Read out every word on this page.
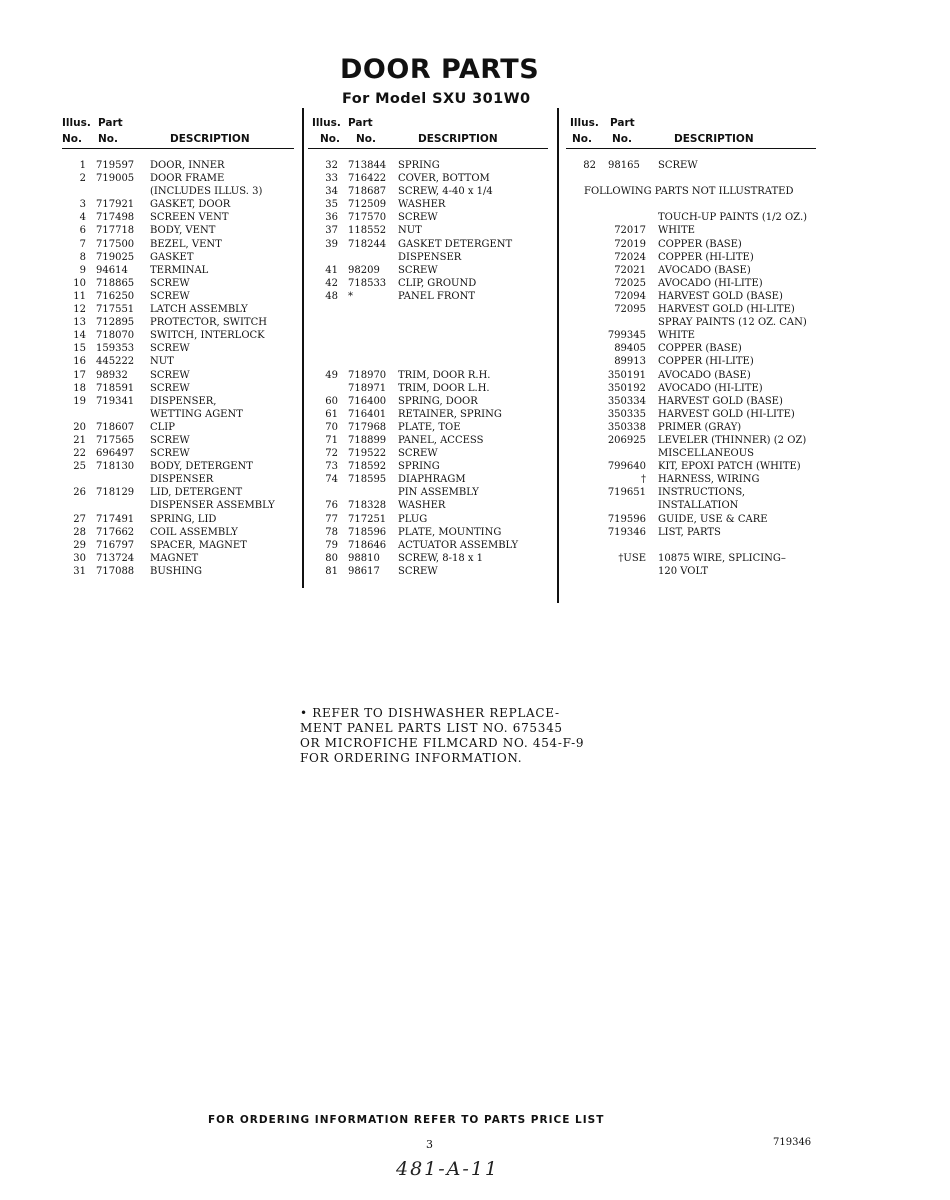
DOOR PARTS
For Model SXU 301W0
Illus. Part
No. No.	DESCRIPTION
1 719597 DOOR, INNER
2 719005 DOOR FRAME
(INCLUDES ILLUS. 3)
3 717921 GASKET, DOOR
4 717498 SCREEN VENT
6 717718 BODY, VENT
7 717500 BEZEL, VENT
8 719025 GASKET
9 94614 TERMINAL
10 718865 SCREW
11 716250 SCREW
12 717551 LATCH ASSEMBLY
13 712895 PROTECTOR, SWITCH
14 718070 SWITCH, INTERLOCK
15 159353 SCREW
16 445222 NUT
17 98932 SCREW
18 718591 SCREW
19 719341 DISPENSER,
WETTING AGENT
20 718607 CLIP
21 717565 SCREW
22 696497 SCREW
25 718130 BODY, DETERGENT
DISPENSER
26 718129 LID, DETERGENT
DISPENSER ASSEMBLY
27 717491 SPRING, LID
28 717662 COIL ASSEMBLY
29 716797 SPACER, MAGNET
30 713724 MAGNET
31 717088 BUSHING
Illus. Part
No. No.	DESCRIPTION
32 713844 SPRING
33 716422 COVER, BOTTOM
34 718687 SCREW, 4-40 x 1/4
35 712509 WASHER
36 717570 SCREW
37 118552 NUT
39 718244 GASKET DETERGENT
DISPENSER
41 98209 SCREW
42 718533 CLIP, GROUND
48 *	PANEL FRONT
49 718970 TRIM, DOOR R.H.
718971 TRIM, DOOR L.H.
60 716400 SPRING, DOOR
61 716401 RETAINER, SPRING
70 717968 PLATE, TOE
71 718899 PANEL, ACCESS
72 719522 SCREW
73 718592 SPRING
74 718595 DIAPHRAGM
PIN ASSEMBLY
76 718328 WASHER
77 717251 PLUG
78 718596 PLATE, MOUNTING
79 718646 ACTUATOR ASSEMBLY
80 98810 SCREW, 8-18 x 1
81 98617 SCREW
Illus. Part
No. No.	DESCRIPTION
82 98165 SCREW
FOLLOWING PARTS NOT ILLUSTRATED
TOUCH-UP PAINTS (1/2 OZ.)
72017 WHITE
72019 COPPER (BASE)
72024 COPPER (HI-LITE)
72021 AVOCADO (BASE)
72025 AVOCADO (HI-LITE)
72094 HARVEST GOLD (BASE)
72095 HARVEST GOLD (HI-LITE)
SPRAY PAINTS (12 OZ. CAN)
799345 WHITE
89405 COPPER (BASE)
89913 COPPER (HI-LITE)
350191 AVOCADO (BASE)
350192 AVOCADO (HI-LITE)
350334 HARVEST GOLD (BASE)
350335 HARVEST GOLD (HI-LITE)
350338 PRIMER (GRAY)
206925 LEVELER (THINNER) (2 OZ)
MISCELLANEOUS
799640 KIT, EPOXI PATCH (WHITE)
† HARNESS, WIRING
719651 INSTRUCTIONS,
INSTALLATION
719596 GUIDE, USE & CARE
719346 LIST, PARTS
†USE 10875 WIRE, SPLICING–
120 VOLT
• REFER TO DISHWASHER REPLACE-
MENT PANEL PARTS LIST NO. 675345
OR MICROFICHE FILMCARD NO. 454-F-9
FOR ORDERING INFORMATION.
FOR ORDERING INFORMATION REFER TO PARTS PRICE LIST
3	719346
481-A-11
